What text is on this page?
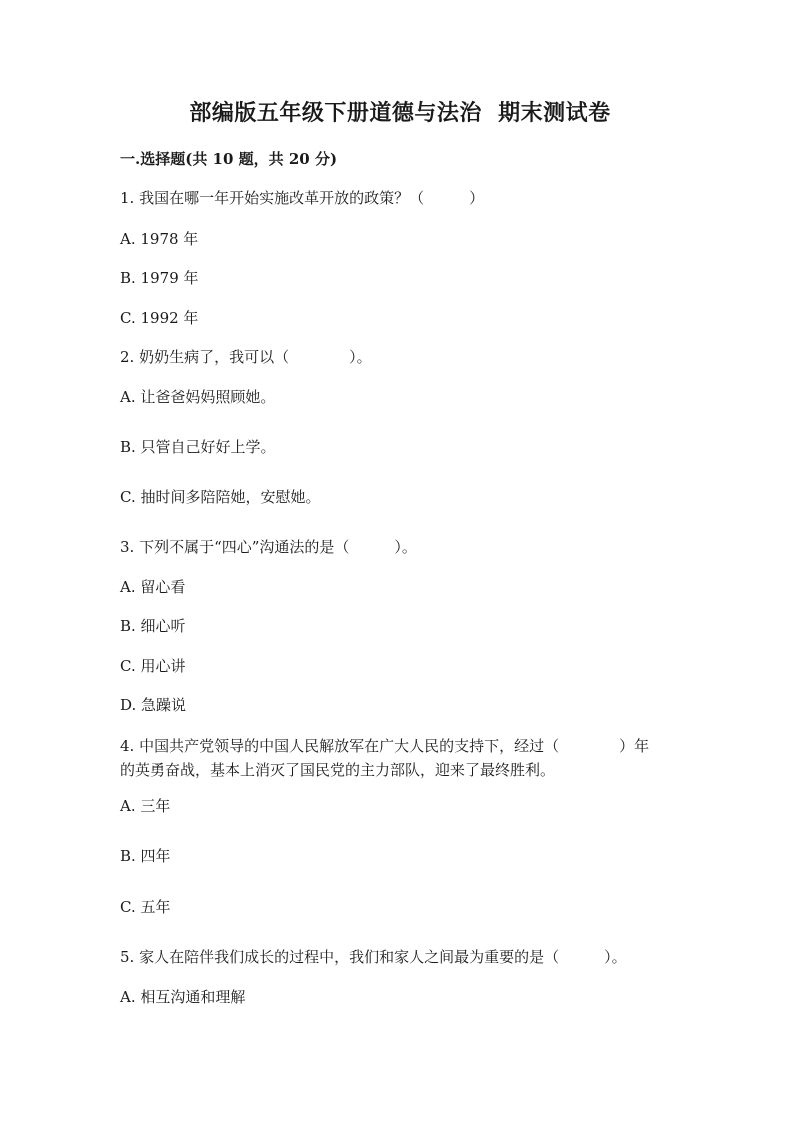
部编版五年级下册道德与法治  期末测试卷
一.选择题(共 10 题，共 20 分)
1. 我国在哪一年开始实施改革开放的政策？（　　　）
A. 1978 年
B. 1979 年
C. 1992 年
2. 奶奶生病了，我可以（　　　　）。
A. 让爸爸妈妈照顾她。
B. 只管自己好好上学。
C. 抽时间多陪陪她，安慰她。
3. 下列不属于“四心”沟通法的是（　　　）。
A. 留心看
B. 细心听
C. 用心讲
D. 急躁说
4. 中国共产党领导的中国人民解放军在广大人民的支持下，经过（　　　　）年
的英勇奋战，基本上消灭了国民党的主力部队，迎来了最终胜利。
A. 三年
B. 四年
C. 五年
5. 家人在陪伴我们成长的过程中，我们和家人之间最为重要的是（　　　）。
A. 相互沟通和理解
